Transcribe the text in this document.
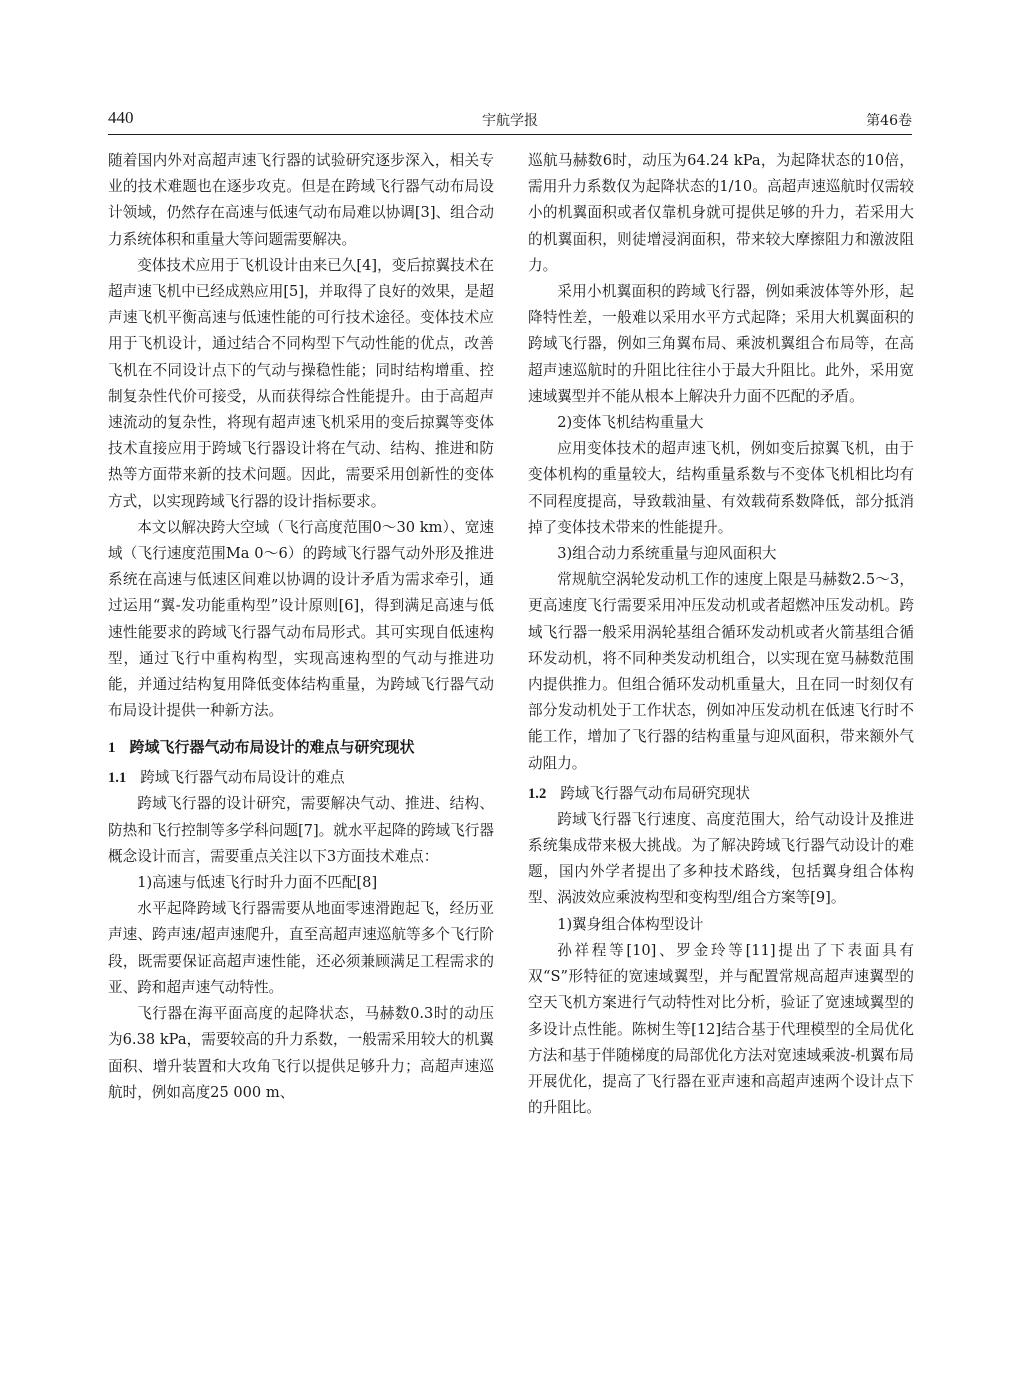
440	宇航学报	第46卷

随着国内外对高超声速飞行器的试验研究逐步深入，相关专业的技术难题也在逐步攻克。但是在跨域飞行器气动布局设计领域，仍然存在高速与低速气动布局难以协调[3]、组合动力系统体积和重量大等问题需要解决。

变体技术应用于飞机设计由来已久[4]，变后掠翼技术在超声速飞机中已经成熟应用[5]，并取得了良好的效果，是超声速飞机平衡高速与低速性能的可行技术途径。变体技术应用于飞机设计，通过结合不同构型下气动性能的优点，改善飞机在不同设计点下的气动与操稳性能；同时结构增重、控制复杂性代价可接受，从而获得综合性能提升。由于高超声速流动的复杂性，将现有超声速飞机采用的变后掠翼等变体技术直接应用于跨域飞行器设计将在气动、结构、推进和防热等方面带来新的技术问题。因此，需要采用创新性的变体方式，以实现跨域飞行器的设计指标要求。

本文以解决跨大空域（飞行高度范围0～30 km）、宽速域（飞行速度范围Ma 0～6）的跨域飞行器气动外形及推进系统在高速与低速区间难以协调的设计矛盾为需求牵引，通过运用“翼-发功能重构型”设计原则[6]，得到满足高速与低速性能要求的跨域飞行器气动布局形式。其可实现自低速构型，通过飞行中重构构型，实现高速构型的气动与推进功能，并通过结构复用降低变体结构重量，为跨域飞行器气动布局设计提供一种新方法。

1 跨域飞行器气动布局设计的难点与研究现状
1.1 跨域飞行器气动布局设计的难点

跨域飞行器的设计研究，需要解决气动、推进、结构、防热和飞行控制等多学科问题[7]。就水平起降的跨域飞行器概念设计而言，需要重点关注以下3方面技术难点：

1)高速与低速飞行时升力面不匹配[8]

水平起降跨域飞行器需要从地面零速滑跑起飞，经历亚声速、跨声速/超声速爬升，直至高超声速巡航等多个飞行阶段，既需要保证高超声速性能，还必须兼顾满足工程需求的亚、跨和超声速气动特性。

飞行器在海平面高度的起降状态，马赫数0.3时的动压为6.38 kPa，需要较高的升力系数，一般需采用较大的机翼面积、增升装置和大攻角飞行以提供足够升力；高超声速巡航时，例如高度25 000 m、

巡航马赫数6时，动压为64.24 kPa，为起降状态的10倍，需用升力系数仅为起降状态的1/10。高超声速巡航时仅需较小的机翼面积或者仅靠机身就可提供足够的升力，若采用大的机翼面积，则徒增浸润面积，带来较大摩擦阻力和激波阻力。

采用小机翼面积的跨域飞行器，例如乘波体等外形，起降特性差，一般难以采用水平方式起降；采用大机翼面积的跨域飞行器，例如三角翼布局、乘波机翼组合布局等，在高超声速巡航时的升阻比往往小于最大升阻比。此外，采用宽速域翼型并不能从根本上解决升力面不匹配的矛盾。

2)变体飞机结构重量大

应用变体技术的超声速飞机，例如变后掠翼飞机，由于变体机构的重量较大，结构重量系数与不变体飞机相比均有不同程度提高，导致载油量、有效载荷系数降低，部分抵消掉了变体技术带来的性能提升。

3)组合动力系统重量与迎风面积大

常规航空涡轮发动机工作的速度上限是马赫数2.5～3，更高速度飞行需要采用冲压发动机或者超燃冲压发动机。跨域飞行器一般采用涡轮基组合循环发动机或者火箭基组合循环发动机，将不同种类发动机组合，以实现在宽马赫数范围内提供推力。但组合循环发动机重量大，且在同一时刻仅有部分发动机处于工作状态，例如冲压发动机在低速飞行时不能工作，增加了飞行器的结构重量与迎风面积，带来额外气动阻力。

1.2 跨域飞行器气动布局研究现状

跨域飞行器飞行速度、高度范围大，给气动设计及推进系统集成带来极大挑战。为了解决跨域飞行器气动设计的难题，国内外学者提出了多种技术路线，包括翼身组合体构型、涡波效应乘波构型和变构型/组合方案等[9]。

1)翼身组合体构型设计

孙祥程等[10]、罗金玲等[11]提出了下表面具有双“S”形特征的宽速域翼型，并与配置常规高超声速翼型的空天飞机方案进行气动特性对比分析，验证了宽速域翼型的多设计点性能。陈树生等[12]结合基于代理模型的全局优化方法和基于伴随梯度的局部优化方法对宽速域乘波-机翼布局开展优化，提高了飞行器在亚声速和高超声速两个设计点下的升阻比。
